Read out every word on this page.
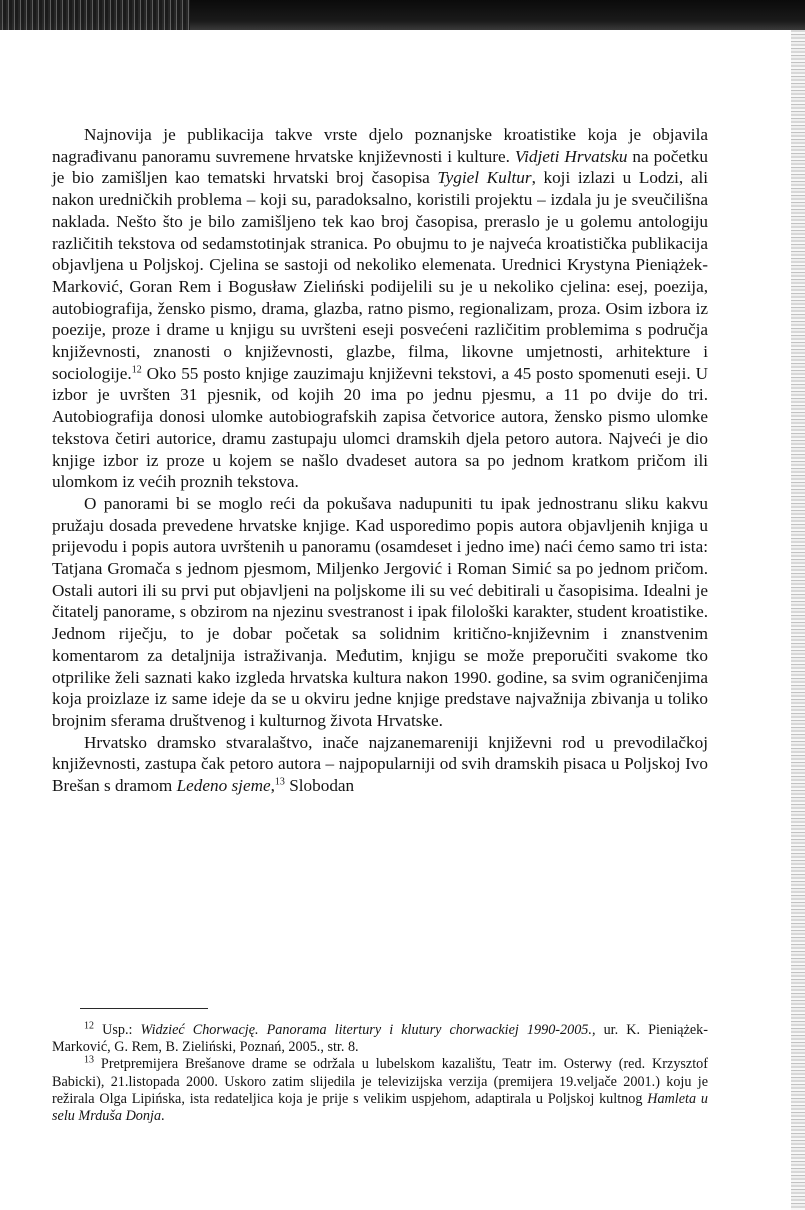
Najnovija je publikacija takve vrste djelo poznanjske kroatistike koja je objavila nagrađivanu panoramu suvremene hrvatske književnosti i kulture. Vidjeti Hrvatsku na početku je bio zamišljen kao tematski hrvatski broj časopisa Tygiel Kultur, koji izlazi u Lodzi, ali nakon uredničkih problema – koji su, paradoksalno, koristili projektu – izdala ju je sveučilišna naklada. Nešto što je bilo zamišljeno tek kao broj časopisa, preraslo je u golemu antologiju različitih tekstova od sedamstotinjak stranica. Po obujmu to je najveća kroatistička publikacija objavljena u Poljskoj. Cjelina se sastoji od nekoliko elemenata. Urednici Krystyna Pieniążek-Marković, Goran Rem i Bogusław Zieliński podijelili su je u nekoliko cjelina: esej, poezija, autobiografija, žensko pismo, drama, glazba, ratno pismo, regionalizam, proza. Osim izbora iz poezije, proze i drame u knjigu su uvršteni eseji posvećeni različitim problemima s područja književnosti, znanosti o književnosti, glazbe, filma, likovne umjetnosti, arhitekture i sociologije.$^{12}$ Oko 55 posto knjige zauzimaju književni tekstovi, a 45 posto spomenuti eseji. U izbor je uvršten 31 pjesnik, od kojih 20 ima po jednu pjesmu, a 11 po dvije do tri. Autobiografija donosi ulomke autobiografskih zapisa četvorice autora, žensko pismo ulomke tekstova četiri autorice, dramu zastupaju ulomci dramskih djela petoro autora. Najveći je dio knjige izbor iz proze u kojem se našlo dvadeset autora sa po jednom kratkom pričom ili ulomkom iz većih proznih tekstova.

O panorami bi se moglo reći da pokušava nadupuniti tu ipak jednostranu sliku kakvu pružaju dosada prevedene hrvatske knjige. Kad usporedimo popis autora objavljenih knjiga u prijevodu i popis autora uvrštenih u panoramu (osamdeset i jedno ime) naći ćemo samo tri ista: Tatjana Gromača s jednom pjesmom, Miljenko Jergović i Roman Simić sa po jednom pričom. Ostali autori ili su prvi put objavljeni na poljskome ili su već debitirali u časopisima. Idealni je čitatelj panorame, s obzirom na njezinu svestranost i ipak filološki karakter, student kroatistike. Jednom riječju, to je dobar početak sa solidnim kritično-književnim i znanstvenim komentarom za detaljnija istraživanja. Međutim, knjigu se može preporučiti svakome tko otprilike želi saznati kako izgleda hrvatska kultura nakon 1990. godine, sa svim ograničenjima koja proizlaze iz same ideje da se u okviru jedne knjige predstave najvažnija zbivanja u toliko brojnim sferama društvenog i kulturnog života Hrvatske.

Hrvatsko dramsko stvaralaštvo, inače najzanemareniji književni rod u prevodilačkoj književnosti, zastupa čak petoro autora – najpopularniji od svih dramskih pisaca u Poljskoj Ivo Brešan s dramom Ledeno sjeme,$^{13}$ Slobodan

$^{12}$ Usp.: Widzieć Chorwację. Panorama litertury i klutury chorwackiej 1990-2005., ur. K. Pieniążek-Marković, G. Rem, B. Zieliński, Poznań, 2005., str. 8.

$^{13}$ Pretpremijera Brešanove drame se održala u lubelskom kazalištu, Teatr im. Osterwy (red. Krzysztof Babicki), 21.listopada 2000. Uskoro zatim slijedila je televizijska verzija (premijera 19.veljače 2001.) koju je režirala Olga Lipińska, ista redateljica koja je prije s velikim uspjehom, adaptirala u Poljskoj kultnog Hamleta u selu Mrduša Donja.
